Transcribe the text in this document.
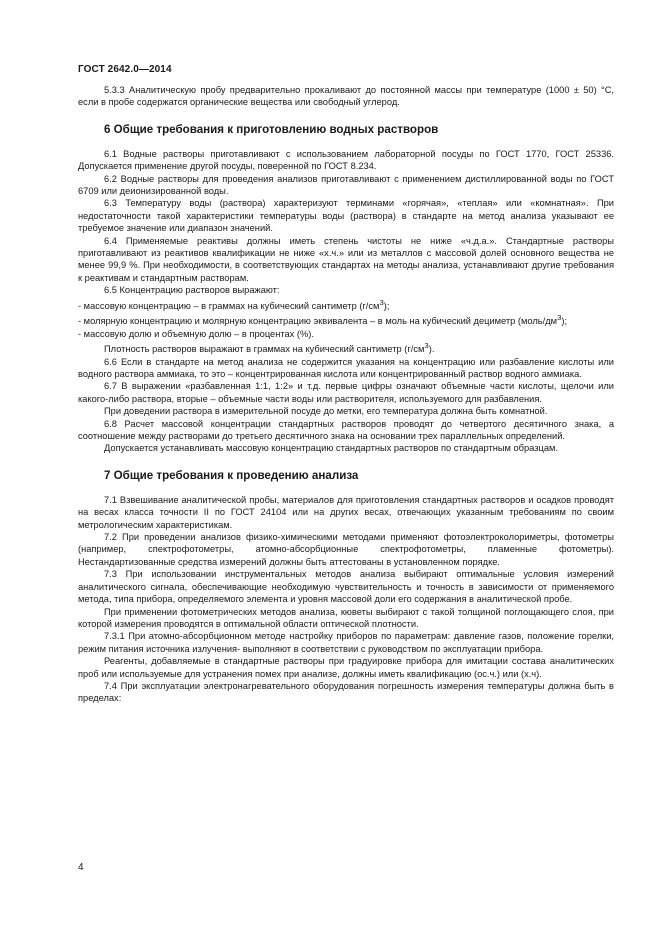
ГОСТ 2642.0—2014

5.3.3 Аналитическую пробу предварительно прокаливают до постоянной массы при температуре (1000 ± 50) °С, если в пробе содержатся органические вещества или свободный углерод.

6 Общие требования к приготовлению водных растворов

6.1 Водные растворы приготавливают с использованием лабораторной посуды по ГОСТ 1770, ГОСТ 25336. Допускается применение другой посуды, поверенной по ГОСТ 8.234.

6.2 Водные растворы для проведения анализов приготавливают с применением дистиллированной воды по ГОСТ 6709 или деионизированной воды.

6.3 Температуру воды (раствора) характеризуют терминами «горячая», «теплая» или «комнатная». При недостаточности такой характеристики температуры воды (раствора) в стандарте на метод анализа указывают ее требуемое значение или диапазон значений.

6.4 Применяемые реактивы должны иметь степень чистоты не ниже «ч.д.а.». Стандартные растворы приготавливают из реактивов квалификации не ниже «х.ч.» или из металлов с массовой долей основного вещества не менее 99,9 %. При необходимости, в соответствующих стандартах на методы анализа, устанавливают другие требования к реактивам и стандартным растворам.

6.5 Концентрацию растворов выражают:

- массовую концентрацию – в граммах на кубический сантиметр $(г/см^3)$;

- молярную концентрацию и молярную концентрацию эквивалента – в моль на кубический дециметр $(моль/дм^3)$;

- массовую долю и объемную долю – в процентах (%).

Плотность растворов выражают в граммах на кубический сантиметр $(г/см^3)$.

6.6 Если в стандарте на метод анализа не содержится указания на концентрацию или разбавление кислоты или водного раствора аммиака, то это – концентрированная кислота или концентрированный раствор водного аммиака.

6.7 В выражении «разбавленная 1:1, 1:2» и т.д. первые цифры означают объемные части кислоты, щелочи или какого-либо раствора, вторые – объемные части воды или растворителя, используемого для разбавления.

При доведении раствора в измерительной посуде до метки, его температура должна быть комнатной.

6.8 Расчет массовой концентрации стандартных растворов проводят до четвертого десятичного знака, а соотношение между растворами до третьего десятичного знака на основании трех параллельных определений.

Допускается устанавливать массовую концентрацию стандартных растворов по стандартным образцам.

7 Общие требования к проведению анализа

7.1 Взвешивание аналитической пробы, материалов для приготовления стандартных растворов и осадков проводят на весах класса точности II по ГОСТ 24104 или на других весах, отвечающих указанным требованиям по своим метрологическим характеристикам.

7.2 При проведении анализов физико-химическими методами применяют фотоэлектроколориметры, фотометры (например, спектрофотометры, атомно-абсорбционные спектрофотометры, пламенные фотометры). Нестандартизованные средства измерений должны быть аттестованы в установленном порядке.

7.3 При использовании инструментальных методов анализа выбирают оптимальные условия измерений аналитического сигнала, обеспечивающие необходимую чувствительность и точность в зависимости от применяемого метода, типа прибора, определяемого элемента и уровня массовой доли его содержания в аналитической пробе.

При применении фотометрических методов анализа, кюветы выбирают с такой толщиной поглощающего слоя, при которой измерения проводятся в оптимальной области оптической плотности.

7.3.1 При атомно-абсорбционном методе настройку приборов по параметрам: давление газов, положение горелки, режим питания источника излучения- выполняют в соответствии с руководством по эксплуатации прибора.

Реагенты, добавляемые в стандартные растворы при градуировке прибора для имитации состава аналитических проб или используемые для устранения помех при анализе, должны иметь квалификацию (ос.ч.) или (х.ч).

7.4 При эксплуатации электронагревательного оборудования погрешность измерения температуры должна быть в пределах:

4
